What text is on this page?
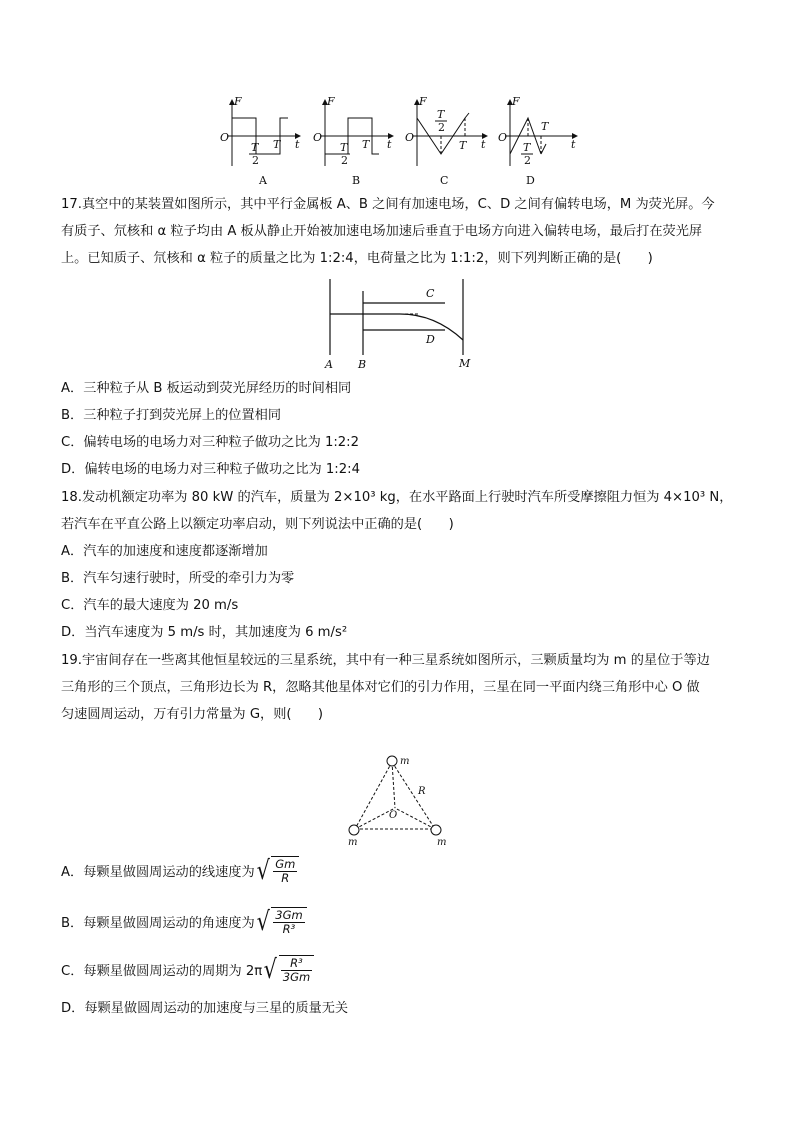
F
O
t
T
2
T
F
O
t
T
2
T
F
O
t
T
2
T
F
O
t
T
2
T
A	B	C	D
17.真空中的某装置如图所示，其中平行金属板 A、B 之间有加速电场，C、D 之间有偏转电场，M 为荧光屏。今
有质子、氘核和 α 粒子均由 A 板从静止开始被加速电场加速后垂直于电场方向进入偏转电场，最后打在荧光屏
上。已知质子、氘核和 α 粒子的质量之比为 1:2:4，电荷量之比为 1:1:2，则下列判断正确的是(　　)
C
D
A B	M
A．三种粒子从 B 板运动到荧光屏经历的时间相同
B．三种粒子打到荧光屏上的位置相同
C．偏转电场的电场力对三种粒子做功之比为 1:2:2
D．偏转电场的电场力对三种粒子做功之比为 1:2:4
18.发动机额定功率为 80 kW 的汽车，质量为 2×10³ kg，在水平路面上行驶时汽车所受摩擦阻力恒为 4×10³ N，
若汽车在平直公路上以额定功率启动，则下列说法中正确的是(　　)
A．汽车的加速度和速度都逐渐增加
B．汽车匀速行驶时，所受的牵引力为零
C．汽车的最大速度为 20 m/s
D．当汽车速度为 5 m/s 时，其加速度为 6 m/s²
19.宇宙间存在一些离其他恒星较远的三星系统，其中有一种三星系统如图所示，三颗质量均为 m 的星位于等边
三角形的三个顶点，三角形边长为 R，忽略其他星体对它们的引力作用，三星在同一平面内绕三角形中心 O 做
匀速圆周运动，万有引力常量为 G，则(　　)
m
m	m
R
O
A．每颗星做圆周运动的线速度为 √ $\frac{Gm}{R}$
B．每颗星做圆周运动的角速度为 √ $\frac{3Gm}{\text{R³}}$
C．每颗星做圆周运动的周期为 2π √ $\frac{\text{R³}}{3Gm}$
D．每颗星做圆周运动的加速度与三星的质量无关
